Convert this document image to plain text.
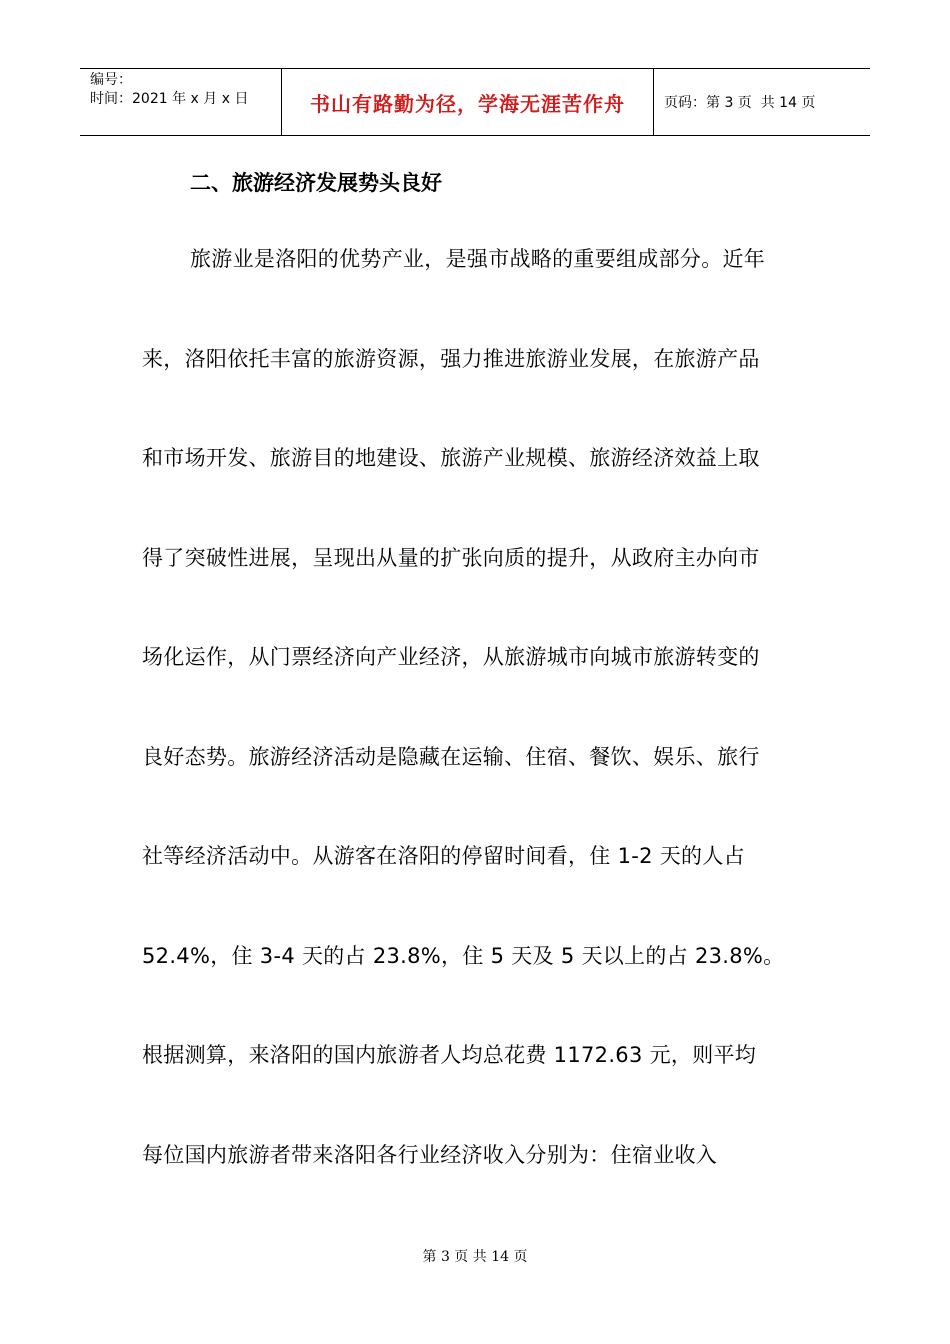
编号：
时间：2021 年 x 月 x 日	书山有路勤为径，学海无涯苦作舟	页码：第 3 页  共 14 页
二、旅游经济发展势头良好
旅游业是洛阳的优势产业，是强市战略的重要组成部分。近年
来，洛阳依托丰富的旅游资源，强力推进旅游业发展，在旅游产品
和市场开发、旅游目的地建设、旅游产业规模、旅游经济效益上取
得了突破性进展，呈现出从量的扩张向质的提升，从政府主办向市
场化运作，从门票经济向产业经济，从旅游城市向城市旅游转变的
良好态势。旅游经济活动是隐藏在运输、住宿、餐饮、娱乐、旅行
社等经济活动中。从游客在洛阳的停留时间看，住 1-2 天的人占
52.4%，住 3-4 天的占 23.8%，住 5 天及 5 天以上的占 23.8%。
根据测算，来洛阳的国内旅游者人均总花费 1172.63 元，则平均
每位国内旅游者带来洛阳各行业经济收入分别为：住宿业收入
第 3 页 共 14 页
